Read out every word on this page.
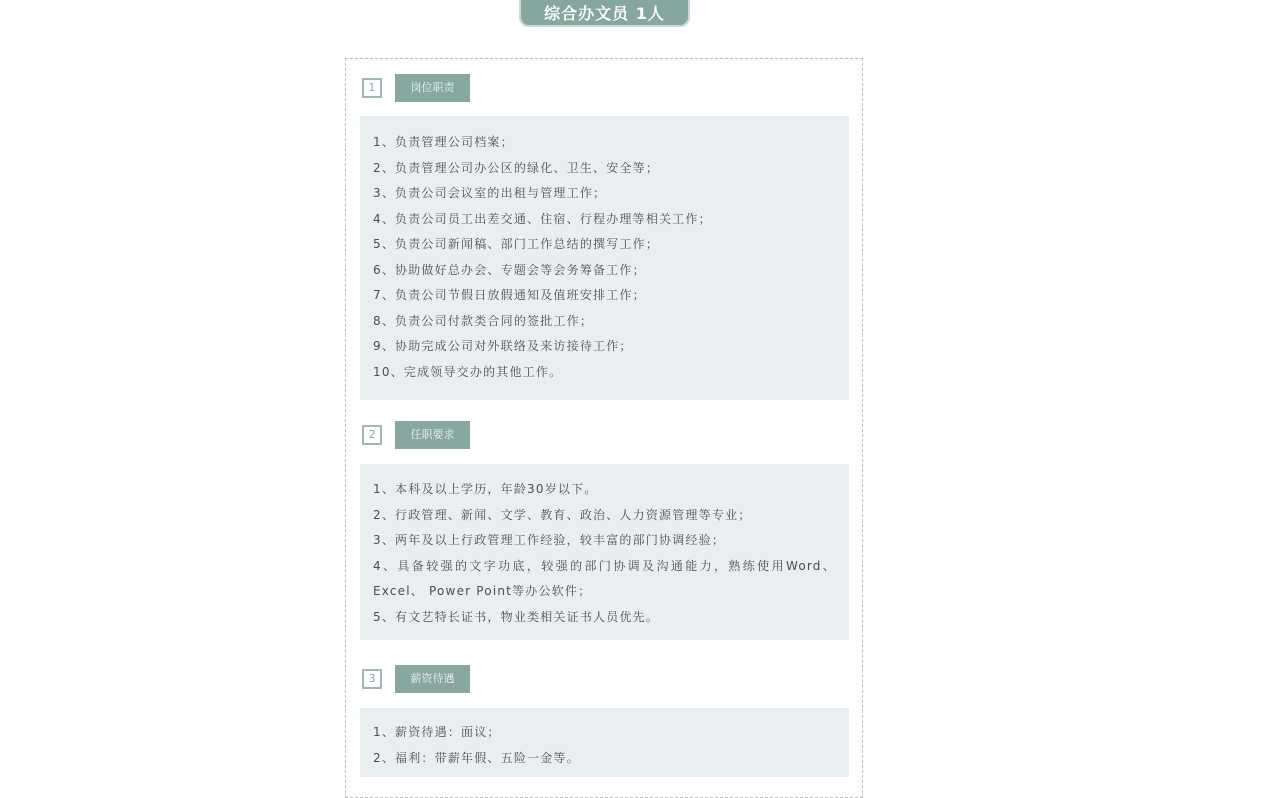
综合办文员 1人
1	岗位职责
1、负责管理公司档案；
2、负责管理公司办公区的绿化、卫生、安全等；
3、负责公司会议室的出租与管理工作；
4、负责公司员工出差交通、住宿、行程办理等相关工作；
5、负责公司新闻稿、部门工作总结的撰写工作；
6、协助做好总办会、专题会等会务筹备工作；
7、负责公司节假日放假通知及值班安排工作；
8、负责公司付款类合同的签批工作；
9、协助完成公司对外联络及来访接待工作；
10、完成领导交办的其他工作。
2	任职要求
1、本科及以上学历，年龄30岁以下。
2、行政管理、新闻、文学、教育、政治、人力资源管理等专业；
3、两年及以上行政管理工作经验，较丰富的部门协调经验；
4、具备较强的文字功底，较强的部门协调及沟通能力，熟练使用Word、 Excel、 Power Point等办公软件；
5、有文艺特长证书，物业类相关证书人员优先。
3	薪资待遇
1、薪资待遇：面议；
2、福利：带薪年假、五险一金等。
